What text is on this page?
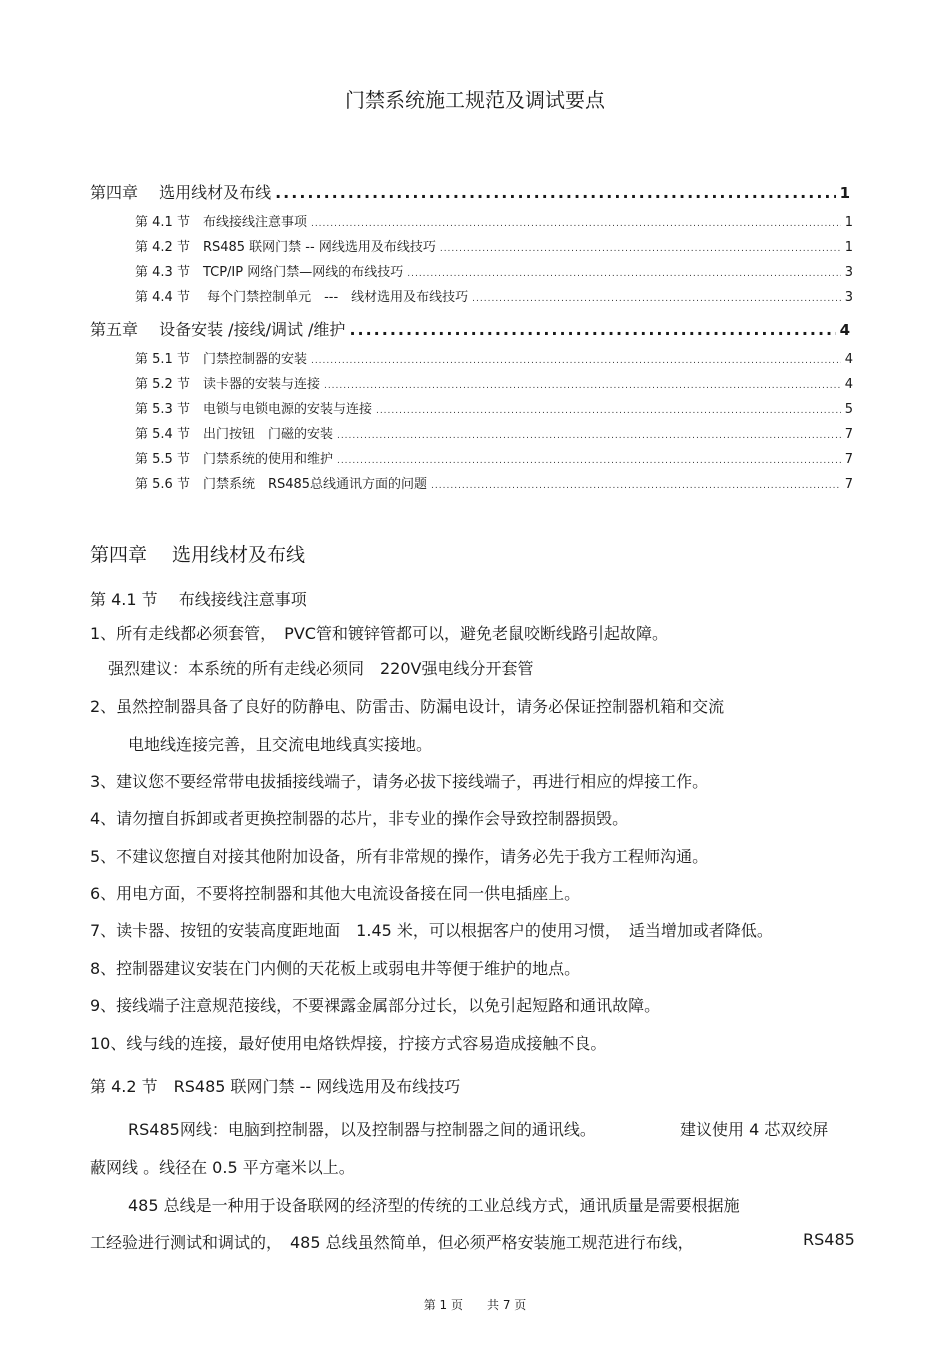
门禁系统施工规范及调试要点
第四章　 选用线材及布线 .....	1
第 4.1 节　布线接线注意事项 .....	1
第 4.2 节　RS485 联网门禁 -- 网线选用及布线技巧 .....	1
第 4.3 节　TCP/IP 网络门禁—网线的布线技巧 .....	3
第 4.4 节　 每个门禁控制单元　---　线材选用及布线技巧 .....	3
第五章　 设备安装 /接线/调试 /维护 .....	4
第 5.1 节　门禁控制器的安装 .....	4
第 5.2 节　读卡器的安装与连接 .....	4
第 5.3 节　电锁与电锁电源的安装与连接 .....	5
第 5.4 节　出门按钮　门磁的安装 .....	7
第 5.5 节　门禁系统的使用和维护 .....	7
第 5.6 节　门禁系统　RS485总线通讯方面的问题 .....	7
第四章　 选用线材及布线
第 4.1 节　 布线接线注意事项
1、所有走线都必须套管，　PVC管和镀锌管都可以，避免老鼠咬断线路引起故障。
强烈建议：本系统的所有走线必须同　220V强电线分开套管
2、虽然控制器具备了良好的防静电、防雷击、防漏电设计，请务必保证控制器机箱和交流
电地线连接完善，且交流电地线真实接地。
3、建议您不要经常带电拔插接线端子，请务必拔下接线端子，再进行相应的焊接工作。
4、请勿擅自拆卸或者更换控制器的芯片，非专业的操作会导致控制器损毁。
5、不建议您擅自对接其他附加设备，所有非常规的操作，请务必先于我方工程师沟通。
6、用电方面，不要将控制器和其他大电流设备接在同一供电插座上。
7、读卡器、按钮的安装高度距地面　1.45 米，可以根据客户的使用习惯，　适当增加或者降低。
8、控制器建议安装在门内侧的天花板上或弱电井等便于维护的地点。
9、接线端子注意规范接线，不要裸露金属部分过长，以免引起短路和通讯故障。
10、线与线的连接，最好使用电烙铁焊接，拧接方式容易造成接触不良。
第 4.2 节　RS485 联网门禁 -- 网线选用及布线技巧
RS485网线：电脑到控制器，以及控制器与控制器之间的通讯线。	建议使用 4 芯双绞屏
蔽网线 。线径在 0.5 平方毫米以上。
485 总线是一种用于设备联网的经济型的传统的工业总线方式，通讯质量是需要根据施
工经验进行测试和调试的，　485 总线虽然简单，但必须严格安装施工规范进行布线，	RS485
第 1 页　　共 7 页
